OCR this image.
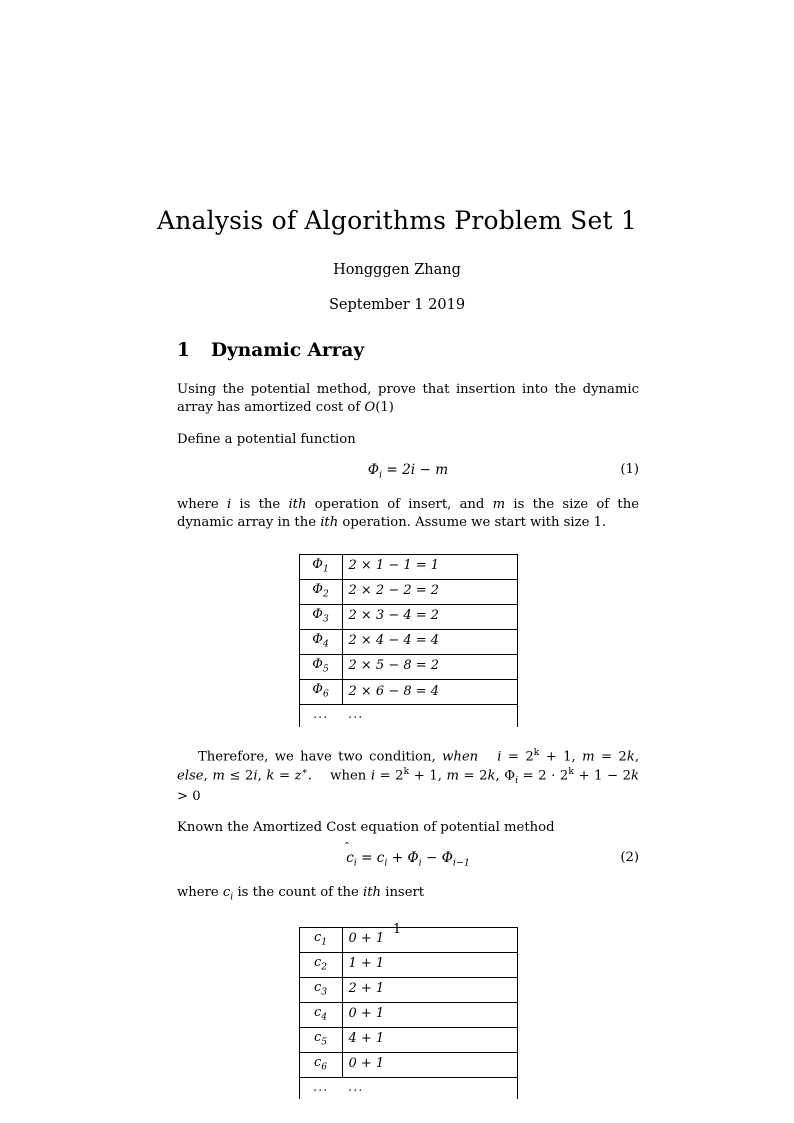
Analysis of Algorithms Problem Set 1

Hongggen Zhang

September 1 2019

1 Dynamic Array

Using the potential method, prove that insertion into the dynamic array has amortized cost of O(1)

Define a potential function

$\Phi_i = 2i - m$	(1)

where i is the ith operation of insert, and m is the size of the dynamic array in the ith operation. Assume we start with size 1.

$\Phi_1$	2 × 1 − 1 = 1
$\Phi_2$	2 × 2 − 2 = 2
$\Phi_3$	2 × 3 − 4 = 2
$\Phi_4$	2 × 4 − 4 = 4
$\Phi_5$	2 × 5 − 8 = 2
$\Phi_6$	2 × 6 − 8 = 4
...	...

Therefore, we have two condition, when $i = 2^k + 1$, m = 2k, else, m ≤ 2i, k = z∗.    when $i = 2^k + 1$, m = 2k, $\Phi_i = 2 \cdot 2^k + 1 - 2k > 0$

Known the Amortized Cost equation of potential method

$c_i = c_i + \Phi_i - \Phi_{i-1}$	(2)

where $c_i$ is the count of the ith insert

$c_1$	0 + 1
$c_2$	1 + 1
$c_3$	2 + 1
$c_4$	0 + 1
$c_5$	4 + 1
$c_6$	0 + 1
...	...
1
